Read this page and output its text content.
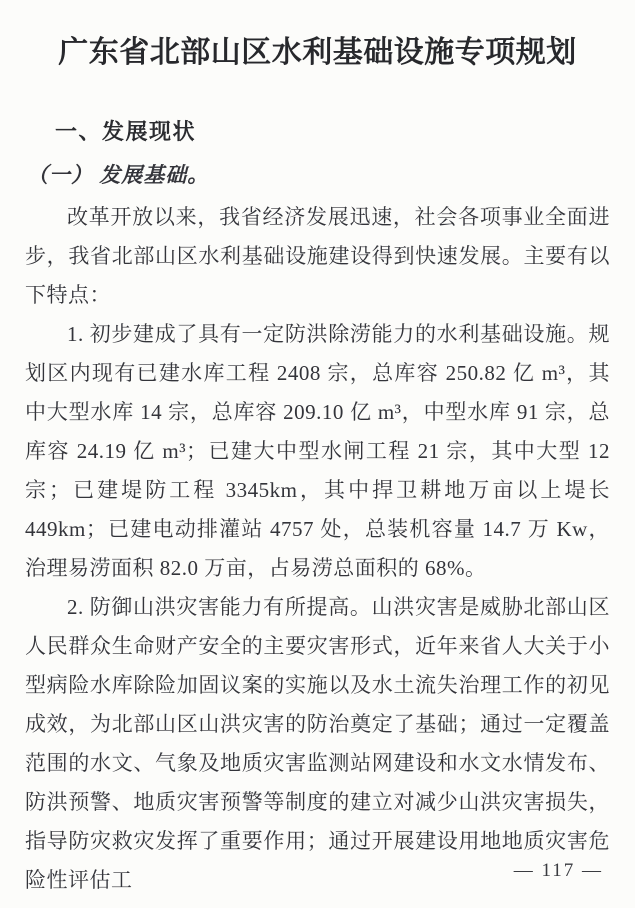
广东省北部山区水利基础设施专项规划
一、发展现状
（一） 发展基础。

改革开放以来，我省经济发展迅速，社会各项事业全面进步，我省北部山区水利基础设施建设得到快速发展。主要有以下特点：

1. 初步建成了具有一定防洪除涝能力的水利基础设施。规划区内现有已建水库工程 2408 宗，总库容 250.82 亿 m³，其中大型水库 14 宗，总库容 209.10 亿 m³，中型水库 91 宗，总库容 24.19 亿 m³；已建大中型水闸工程 21 宗，其中大型 12 宗；已建堤防工程 3345km，其中捍卫耕地万亩以上堤长 449km；已建电动排灌站 4757 处，总装机容量 14.7 万 Kw，治理易涝面积 82.0 万亩，占易涝总面积的 68%。

2. 防御山洪灾害能力有所提高。山洪灾害是威胁北部山区人民群众生命财产安全的主要灾害形式，近年来省人大关于小型病险水库除险加固议案的实施以及水土流失治理工作的初见成效，为北部山区山洪灾害的防治奠定了基础；通过一定覆盖范围的水文、气象及地质灾害监测站网建设和水文水情发布、防洪预警、地质灾害预警等制度的建立对减少山洪灾害损失，指导防灾救灾发挥了重要作用；通过开展建设用地地质灾害危险性评估工	— 117 —
